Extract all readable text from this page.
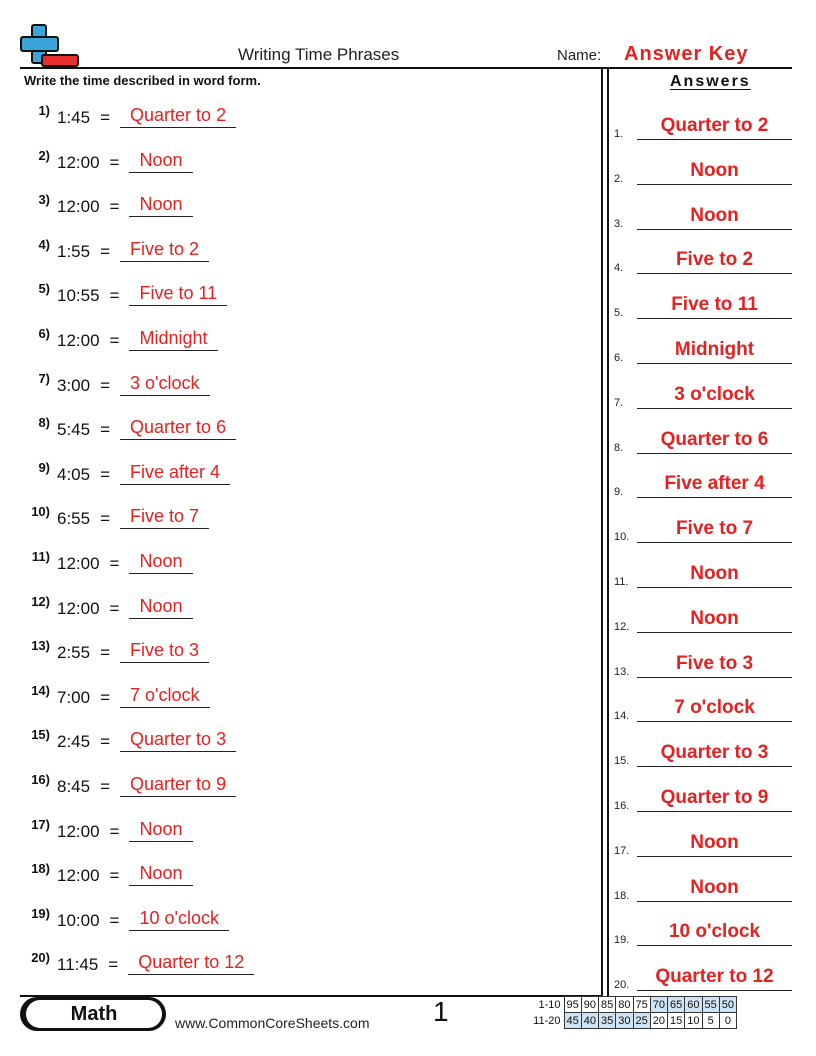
Writing Time Phrases	Name: Answer Key
Write the time described in word form.	Answers
1) 1:45 =	Quarter to 2
2) 12:00 =	Noon
3) 12:00 =	Noon
4) 1:55 =	Five to 2
5) 10:55 =	Five to 11
6) 12:00 =	Midnight
7) 3:00 =	3 o'clock
8) 5:45 =	Quarter to 6
9) 4:05 =	Five after 4
10) 6:55 =	Five to 7
11) 12:00 =	Noon
12) 12:00 =	Noon
13) 2:55 =	Five to 3
14) 7:00 =	7 o'clock
15) 2:45 =	Quarter to 3
16) 8:45 =	Quarter to 9
17) 12:00 =	Noon
18) 12:00 =	Noon
19) 10:00 =	10 o'clock
20) 11:45 =	Quarter to 12
1.	Quarter to 2
2.	Noon
3.	Noon
4.	Five to 2
5.	Five to 11
6.	Midnight
7.	3 o'clock
8.	Quarter to 6
9.	Five after 4
10.	Five to 7
11.	Noon
12.	Noon
13.	Five to 3
14.	7 o'clock
15.	Quarter to 3
16.	Quarter to 9
17.	Noon
18.	Noon
19.	10 o'clock
20.	Quarter to 12
Math	www.CommonCoreSheets.com 1	1-10	95	90	85	80	75	70	65	60	55	50
11-20	45	40	35	30	25	20	15	10	5	0
